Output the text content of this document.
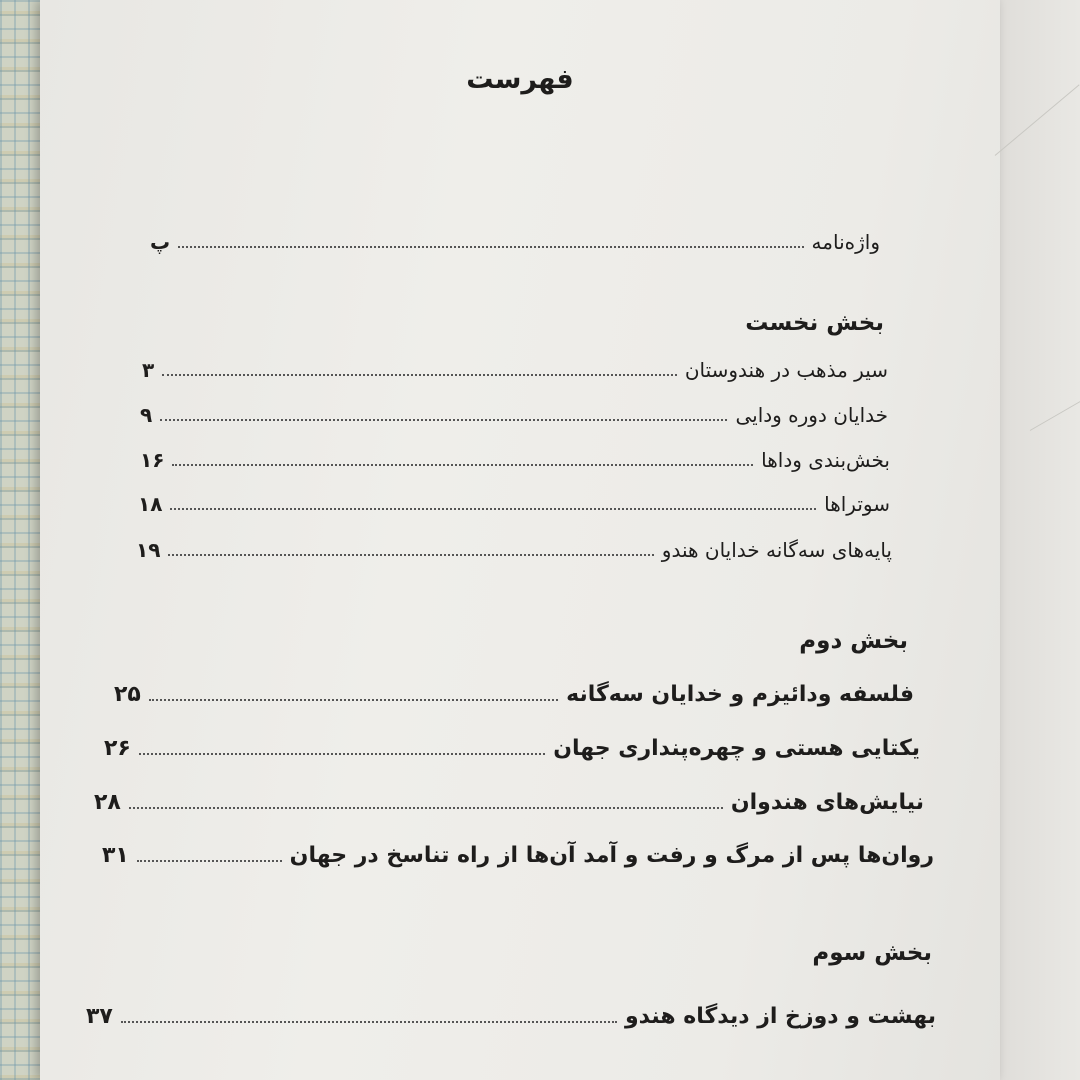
فهرست
واژه‌نامه
پ
بخش نخست
سیر مذهب در هندوستان
۳
خدایان دوره ودایی
۹
بخش‌بندی وداها
۱۶
سوتراها
۱۸
پایه‌های سه‌گانه خدایان هندو
۱۹
بخش دوم
فلسفه ودائیزم و خدایان سه‌گانه
۲۵
یکتایی هستی و چهره‌پنداری جهان
۲۶
نیایش‌های هندوان
۲۸
روان‌ها پس از مرگ و رفت و آمد آن‌ها از راه تناسخ در جهان
۳۱
بخش سوم
بهشت و دوزخ از دیدگاه هندو
۳۷
